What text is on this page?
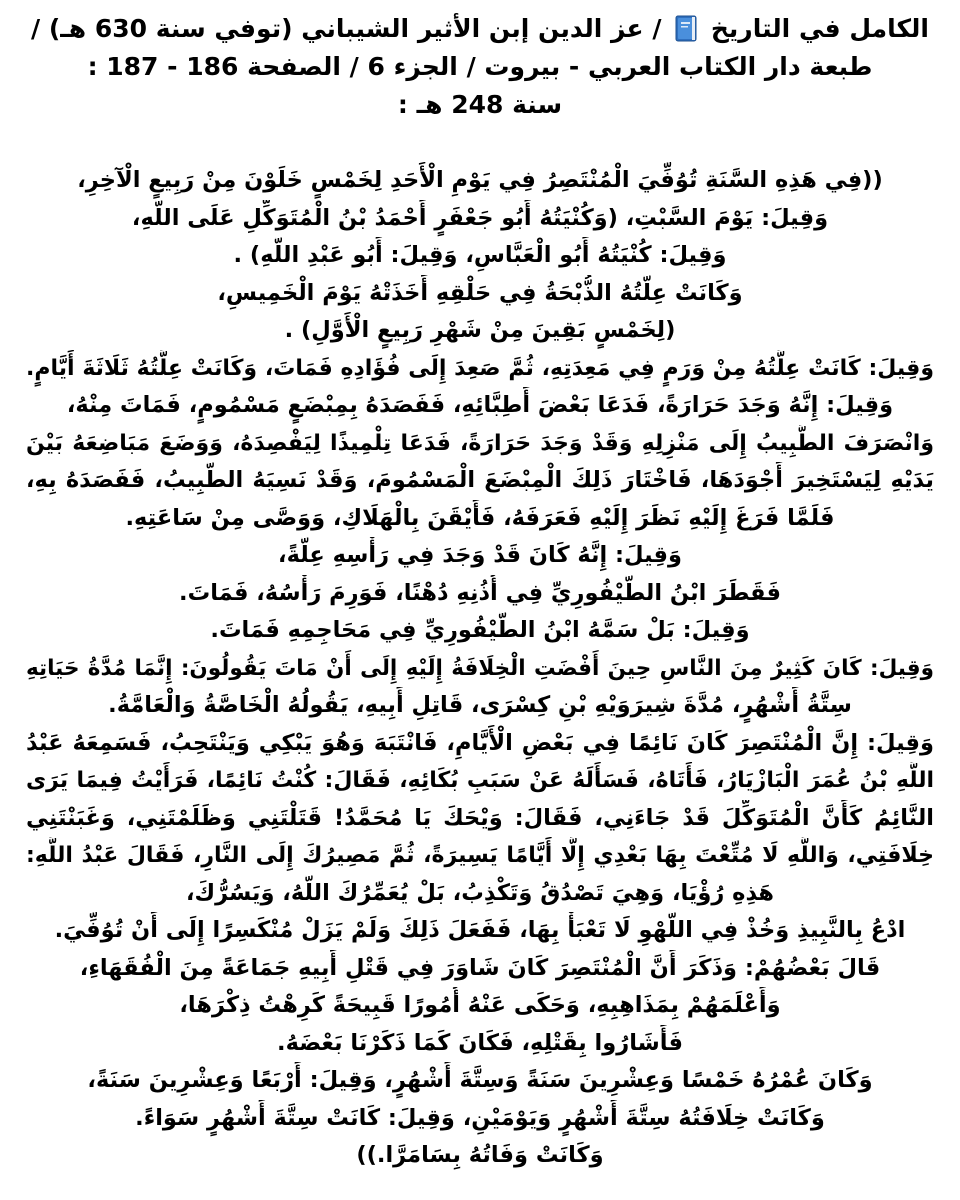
الكامل في التاريخ  / عز الدين إبن الأثير الشيباني (توفي سنة 630 هـ) /
طبعة دار الكتاب العربي - بيروت / الجزء 6 / الصفحة 186 - 187 :
سنة 248 هـ :
((فِي هَذِهِ السَّنَةِ تُوُفِّيَ الْمُنْتَصِرُ فِي يَوْمِ الْأَحَدِ لِخَمْسٍ خَلَوْنَ مِنْ رَبِيعٍ الْآخِرِ،
وَقِيلَ: يَوْمَ السَّبْتِ، (وَكُنْيَتُهُ أَبُو جَعْفَرٍ أَحْمَدُ بْنُ الْمُتَوَكِّلِ عَلَى اللَّهِ،
وَقِيلَ: كُنْيَتُهُ أَبُو الْعَبَّاسِ، وَقِيلَ: أَبُو عَبْدِ اللَّهِ) .
وَكَانَتْ عِلَّتُهُ الذُّبْحَةُ فِي حَلْقِهِ أَخَذَتْهُ يَوْمَ الْخَمِيسِ،
(لِخَمْسٍ بَقِينَ مِنْ شَهْرِ رَبِيعٍ الْأَوَّلِ) .
وَقِيلَ: كَانَتْ عِلَّتُهُ مِنْ وَرَمٍ فِي مَعِدَتِهِ، ثُمَّ صَعِدَ إِلَى فُؤَادِهِ فَمَاتَ، وَكَانَتْ عِلَّتُهُ ثَلَاثَةَ أَيَّامٍ.
وَقِيلَ: إِنَّهُ وَجَدَ حَرَارَةً، فَدَعَا بَعْضَ أَطِبَّائِهِ، فَفَصَدَهُ بِمِبْضَعٍ مَسْمُومٍ، فَمَاتَ مِنْهُ،
وَانْصَرَفَ الطَّبِيبُ إِلَى مَنْزِلِهِ وَقَدْ وَجَدَ حَرَارَةً، فَدَعَا تِلْمِيذًا لِيَفْصِدَهُ، وَوَضَعَ مَبَاضِعَهُ بَيْنَ
يَدَيْهِ لِيَسْتَخِيرَ أَجْوَدَهَا، فَاخْتَارَ ذَلِكَ الْمِبْضَعَ الْمَسْمُومَ، وَقَدْ نَسِيَهُ الطَّبِيبُ، فَفَصَدَهُ بِهِ،
فَلَمَّا فَرَغَ إِلَيْهِ نَظَرَ إِلَيْهِ فَعَرَفَهُ، فَأَيْقَنَ بِالْهَلَاكِ، وَوَصَّى مِنْ سَاعَتِهِ.
وَقِيلَ: إِنَّهُ كَانَ قَدْ وَجَدَ فِي رَأْسِهِ عِلَّةً،
فَقَطَرَ ابْنُ الطَّيْفُورِيِّ فِي أُذُنِهِ دُهْنًا، فَوَرِمَ رَأْسُهُ، فَمَاتَ.
وَقِيلَ: بَلْ سَمَّهُ ابْنُ الطَّيْفُورِيِّ فِي مَحَاجِمِهِ فَمَاتَ.
وَقِيلَ: كَانَ كَثِيرٌ مِنَ النَّاسِ حِينَ أَفْضَتِ الْخِلَافَةُ إِلَيْهِ إِلَى أَنْ مَاتَ يَقُولُونَ: إِنَّمَا مُدَّةُ حَيَاتِهِ
سِتَّةُ أَشْهُرٍ، مُدَّةَ شِيرَوَيْهِ بْنِ كِسْرَى، قَاتِلِ أَبِيهِ، يَقُولُهُ الْخَاصَّةُ وَالْعَامَّةُ.
وَقِيلَ: إِنَّ الْمُنْتَصِرَ كَانَ نَائِمًا فِي بَعْضِ الْأَيَّامِ، فَانْتَبَهَ وَهُوَ يَبْكِي وَيَنْتَحِبُ، فَسَمِعَهُ عَبْدُ
اللَّهِ بْنُ عُمَرَ الْبَازْيَارُ، فَأَتَاهُ، فَسَأَلَهُ عَنْ سَبَبِ بُكَائِهِ، فَقَالَ: كُنْتُ نَائِمًا، فَرَأَيْتُ فِيمَا يَرَى
النَّائِمُ كَأَنَّ الْمُتَوَكِّلَ قَدْ جَاءَنِي، فَقَالَ: وَيْحَكَ يَا مُحَمَّدُ! قَتَلْتَنِي وَظَلَمْتَنِي، وَغَبَنْتَنِي
خِلَافَتِي، وَاللَّهِ لَا مُتِّعْتَ بِهَا بَعْدِي إِلَّا أَيَّامًا يَسِيرَةً، ثُمَّ مَصِيرُكَ إِلَى النَّارِ، فَقَالَ عَبْدُ اللَّهِ:
هَذِهِ رُؤْيَا، وَهِيَ تَصْدُقُ وَتَكْذِبُ، بَلْ يُعَمِّرُكَ اللَّهُ، وَيَسُرُّكَ،
ادْعُ بِالنَّبِيذِ وَخُذْ فِي اللَّهْوِ لَا تَعْبَأْ بِهَا، فَفَعَلَ ذَلِكَ وَلَمْ يَزَلْ مُنْكَسِرًا إِلَى أَنْ تُوُفِّيَ.
قَالَ بَعْضُهُمْ: وَذَكَرَ أَنَّ الْمُنْتَصِرَ كَانَ شَاوَرَ فِي قَتْلِ أَبِيهِ جَمَاعَةً مِنَ الْفُقَهَاءِ،
وَأَعْلَمَهُمْ بِمَذَاهِبِهِ، وَحَكَى عَنْهُ أُمُورًا قَبِيحَةً كَرِهْتُ ذِكْرَهَا،
فَأَشَارُوا بِقَتْلِهِ، فَكَانَ كَمَا ذَكَرْنَا بَعْضَهُ.
وَكَانَ عُمْرُهُ خَمْسًا وَعِشْرِينَ سَنَةً وَسِتَّةَ أَشْهُرٍ، وَقِيلَ: أَرْبَعًا وَعِشْرِينَ سَنَةً،
وَكَانَتْ خِلَافَتُهُ سِتَّةَ أَشْهُرٍ وَيَوْمَيْنِ، وَقِيلَ: كَانَتْ سِتَّةَ أَشْهُرٍ سَوَاءً.
وَكَانَتْ وَفَاتُهُ بِسَامَرَّا.))
